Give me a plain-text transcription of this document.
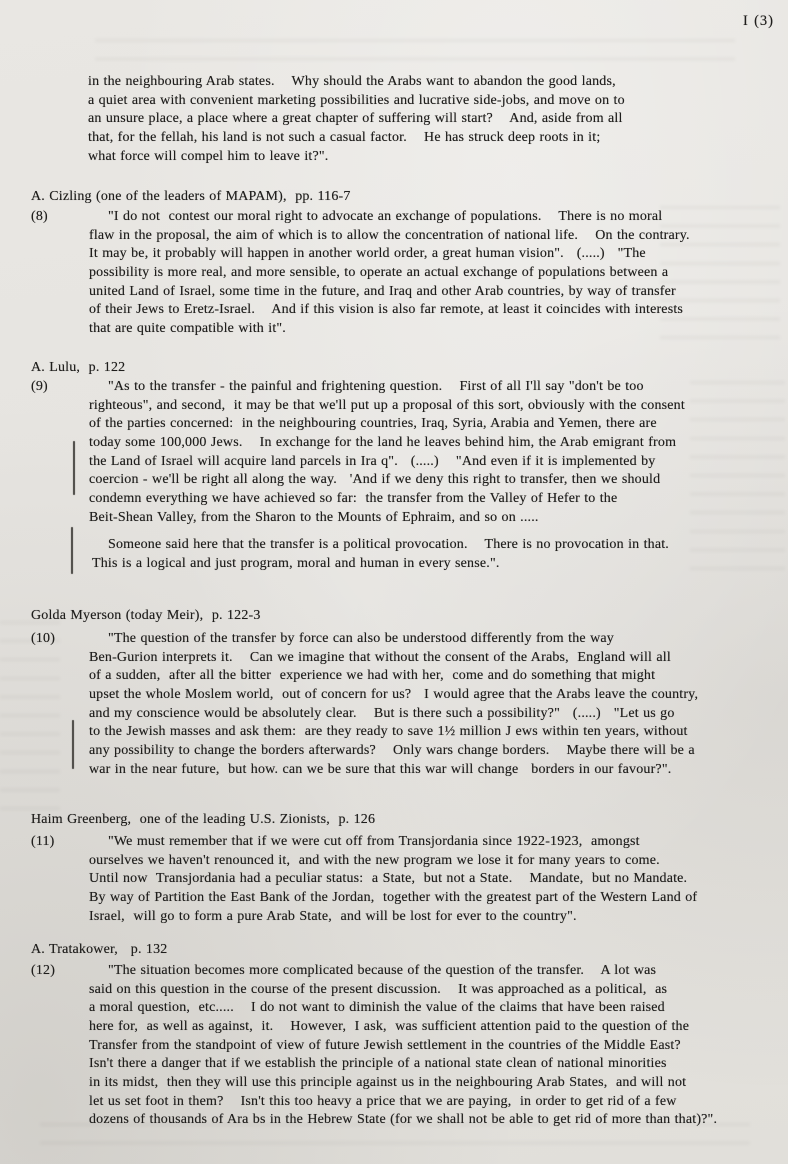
I (3)
in the neighbouring Arab states.    Why should the Arabs want to abandon the good lands,
a quiet area with convenient marketing possibilities and lucrative side-jobs, and move on to
an unsure place, a place where a great chapter of suffering will start?    And, aside from all
that, for the fellah, his land is not such a casual factor.    He has struck deep roots in it;
what force will compel him to leave it?".
A. Cizling (one of the leaders of MAPAM),  pp. 116-7
(8)	"I do not  contest our moral right to advocate an exchange of populations.    There is no moral
flaw in the proposal, the aim of which is to allow the concentration of national life.    On the contrary.
It may be, it probably will happen in another world order, a great human vision".   (.....)   "The
possibility is more real, and more sensible, to operate an actual exchange of populations between a
united Land of Israel, some time in the future, and Iraq and other Arab countries, by way of transfer
of their Jews to Eretz-Israel.    And if this vision is also far remote, at least it coincides with interests
that are quite compatible with it".
A. Lulu,  p. 122
(9)	"As to the transfer - the painful and frightening question.    First of all I'll say "don't be too
righteous", and second,  it may be that we'll put up a proposal of this sort, obviously with the consent
of the parties concerned:  in the neighbouring countries, Iraq, Syria, Arabia and Yemen, there are
today some 100,000 Jews.    In exchange for the land he leaves behind him, the Arab emigrant from
the Land of Israel will acquire land parcels in Ira q".   (.....)    "And even if it is implemented by
coercion - we'll be right all along the way.   'And if we deny this right to transfer, then we should
condemn everything we have achieved so far:  the transfer from the Valley of Hefer to the
Beit-Shean Valley, from the Sharon to the Mounts of Ephraim, and so on .....
Someone said here that the transfer is a political provocation.    There is no provocation in that.
This is a logical and just program, moral and human in every sense.".
Golda Myerson (today Meir),  p. 122-3
(10)	"The question of the transfer by force can also be understood differently from the way
Ben-Gurion interprets it.    Can we imagine that without the consent of the Arabs,  England will all
of a sudden,  after all the bitter  experience we had with her,  come and do something that might
upset the whole Moslem world,  out of concern for us?   I would agree that the Arabs leave the country,
and my conscience would be absolutely clear.    But is there such a possibility?"   (.....)   "Let us go
to the Jewish masses and ask them:  are they ready to save 1½ million J ews within ten years, without
any possibility to change the borders afterwards?    Only wars change borders.    Maybe there will be a
war in the near future,  but how. can we be sure that this war will change   borders in our favour?".
Haim Greenberg,  one of the leading U.S. Zionists,  p. 126
(11)	"We must remember that if we were cut off from Transjordania since 1922-1923,  amongst
ourselves we haven't renounced it,  and with the new program we lose it for many years to come.
Until now  Transjordania had a peculiar status:  a State,  but not a State.    Mandate,  but no Mandate.
By way of Partition the East Bank of the Jordan,  together with the greatest part of the Western Land of
Israel,  will go to form a pure Arab State,  and will be lost for ever to the country".
A. Tratakower,   p. 132
(12)	"The situation becomes more complicated because of the question of the transfer.    A lot was
said on this question in the course of the present discussion.    It was approached as a political,  as
a moral question,  etc.....    I do not want to diminish the value of the claims that have been raised
here for,  as well as against,  it.    However,  I ask,  was sufficient attention paid to the question of the
Transfer from the standpoint of view of future Jewish settlement in the countries of the Middle East?
Isn't there a danger that if we establish the principle of a national state clean of national minorities
in its midst,  then they will use this principle against us in the neighbouring Arab States,  and will not
let us set foot in them?    Isn't this too heavy a price that we are paying,  in order to get rid of a few
dozens of thousands of Ara bs in the Hebrew State (for we shall not be able to get rid of more than that)?".
